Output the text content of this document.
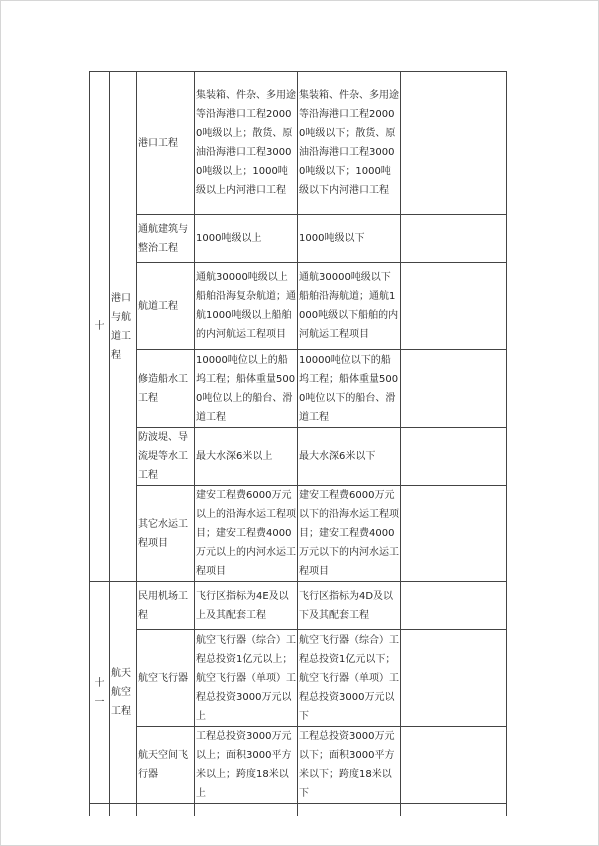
十	港口与航道工程	港口工程	集装箱、件杂、多用途等沿海港口工程20000吨级以上；散货、原油沿海港口工程30000吨级以上；1000吨级以上内河港口工程	集装箱、件杂、多用途等沿海港口工程20000吨级以下；散货、原油沿海港口工程30000吨级以下；1000吨级以下内河港口工程	
		通航建筑与整治工程	1000吨级以上	1000吨级以下	
		航道工程	通航30000吨级以上船舶沿海复杂航道；通航1000吨级以上船舶的内河航运工程项目	通航30000吨级以下船舶沿海航道；通航1000吨级以下船舶的内河航运工程项目	
		修造船水工工程	10000吨位以上的船坞工程；船体重量5000吨位以上的船台、滑道工程	10000吨位以下的船坞工程；船体重量5000吨位以下的船台、滑道工程	
		防波堤、导流堤等水工工程	最大水深6米以上	最大水深6米以下	
		其它水运工程项目	建安工程费6000万元以上的沿海水运工程项目；建安工程费4000万元以上的内河水运工程项目	建安工程费6000万元以下的沿海水运工程项目；建安工程费4000万元以下的内河水运工程项目	
十一	航天航空工程	民用机场工程	飞行区指标为4E及以上及其配套工程	飞行区指标为4D及以下及其配套工程	
		航空飞行器	航空飞行器（综合）工程总投资1亿元以上；航空飞行器（单项）工程总投资3000万元以上	航空飞行器（综合）工程总投资1亿元以下；航空飞行器（单项）工程总投资3000万元以下	
		航天空间飞行器	工程总投资3000万元以上；面积3000平方米以上；跨度18米以上	工程总投资3000万元以下；面积3000平方米以下；跨度18米以下	
